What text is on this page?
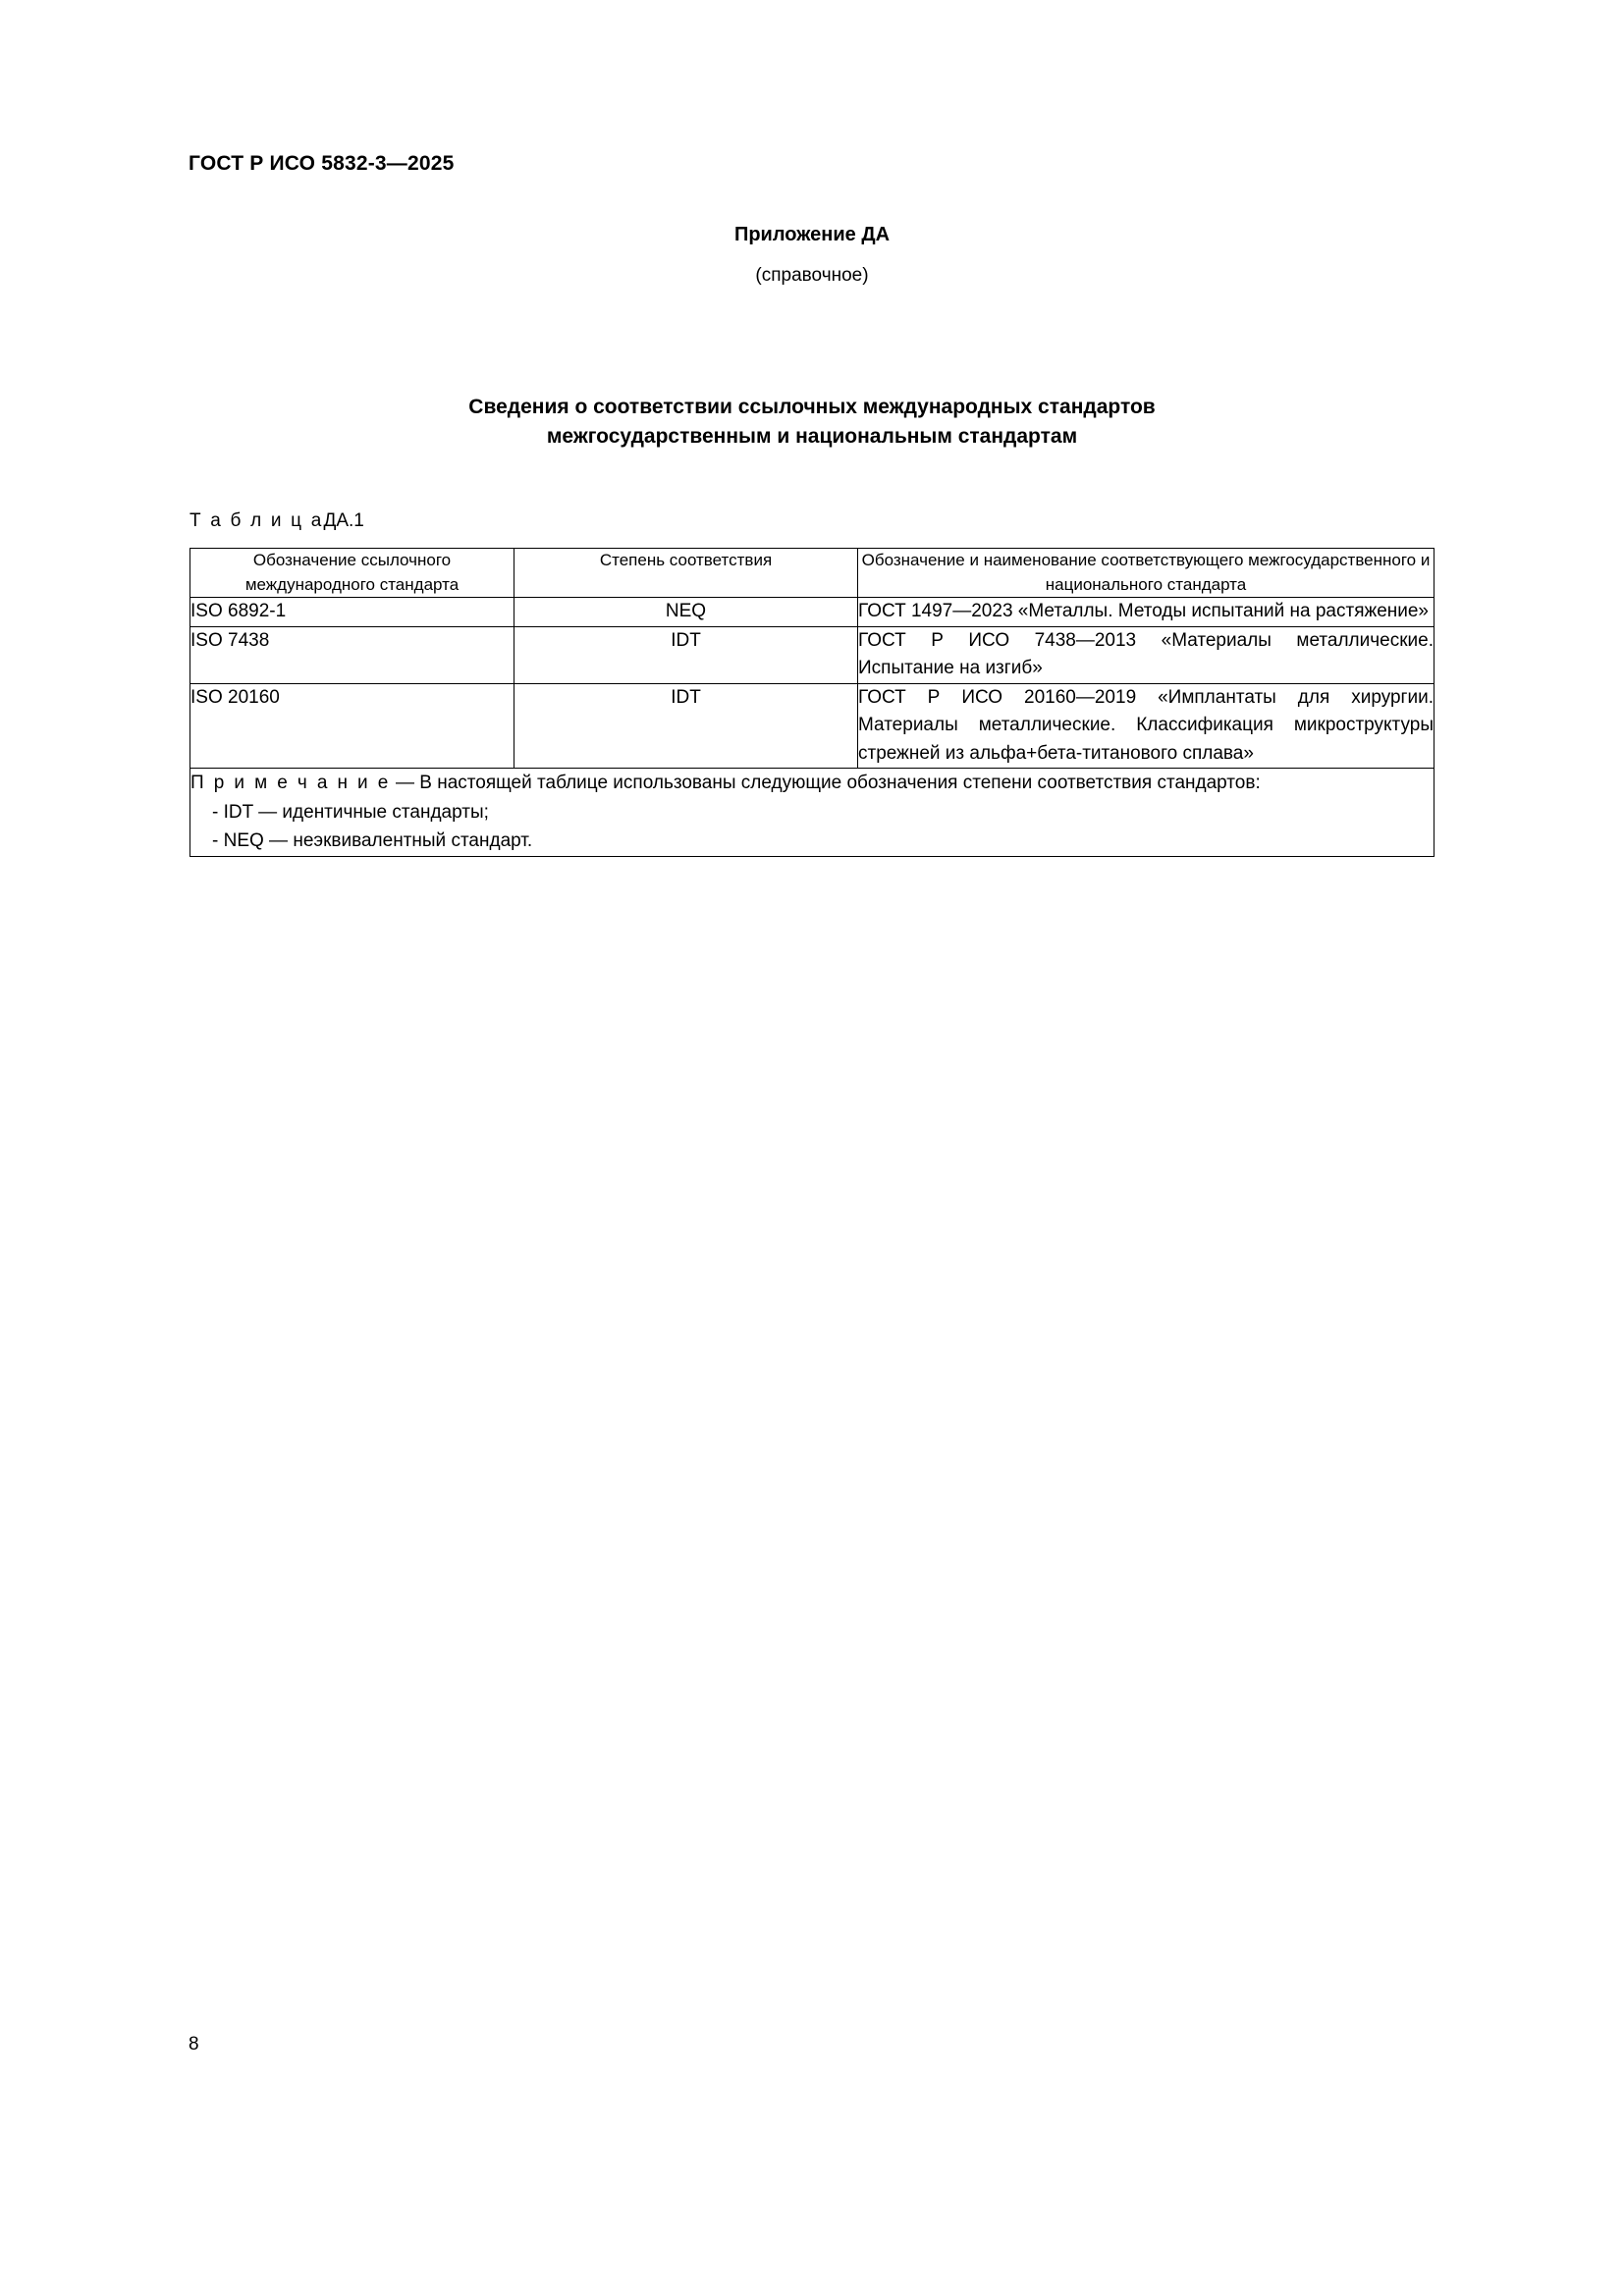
ГОСТ Р ИСО 5832-3—2025
Приложение ДА
(справочное)
Сведения о соответствии ссылочных международных стандартов
межгосударственным и национальным стандартам
Т а б л и ц аДА.1
Обозначение ссылочного международного стандарта	Степень соответствия	Обозначение и наименование соответствующего межгосударственного и национального стандарта
ISO 6892-1	NEQ	ГОСТ 1497—2023 «Металлы. Методы испытаний на растяжение»
ISO 7438	IDT	ГОСТ Р ИСО 7438—2013 «Материалы металлические. Испытание на изгиб»
ISO 20160	IDT	ГОСТ Р ИСО 20160—2019 «Имплантаты для хирургии. Материалы металлические. Классификация микроструктуры стрежней из альфа+бета-титанового сплава»
П р и м е ч а н и е — В настоящей таблице использованы следующие обозначения степени соответствия стандартов:
- IDT — идентичные стандарты;
- NEQ — неэквивалентный стандарт.
8
